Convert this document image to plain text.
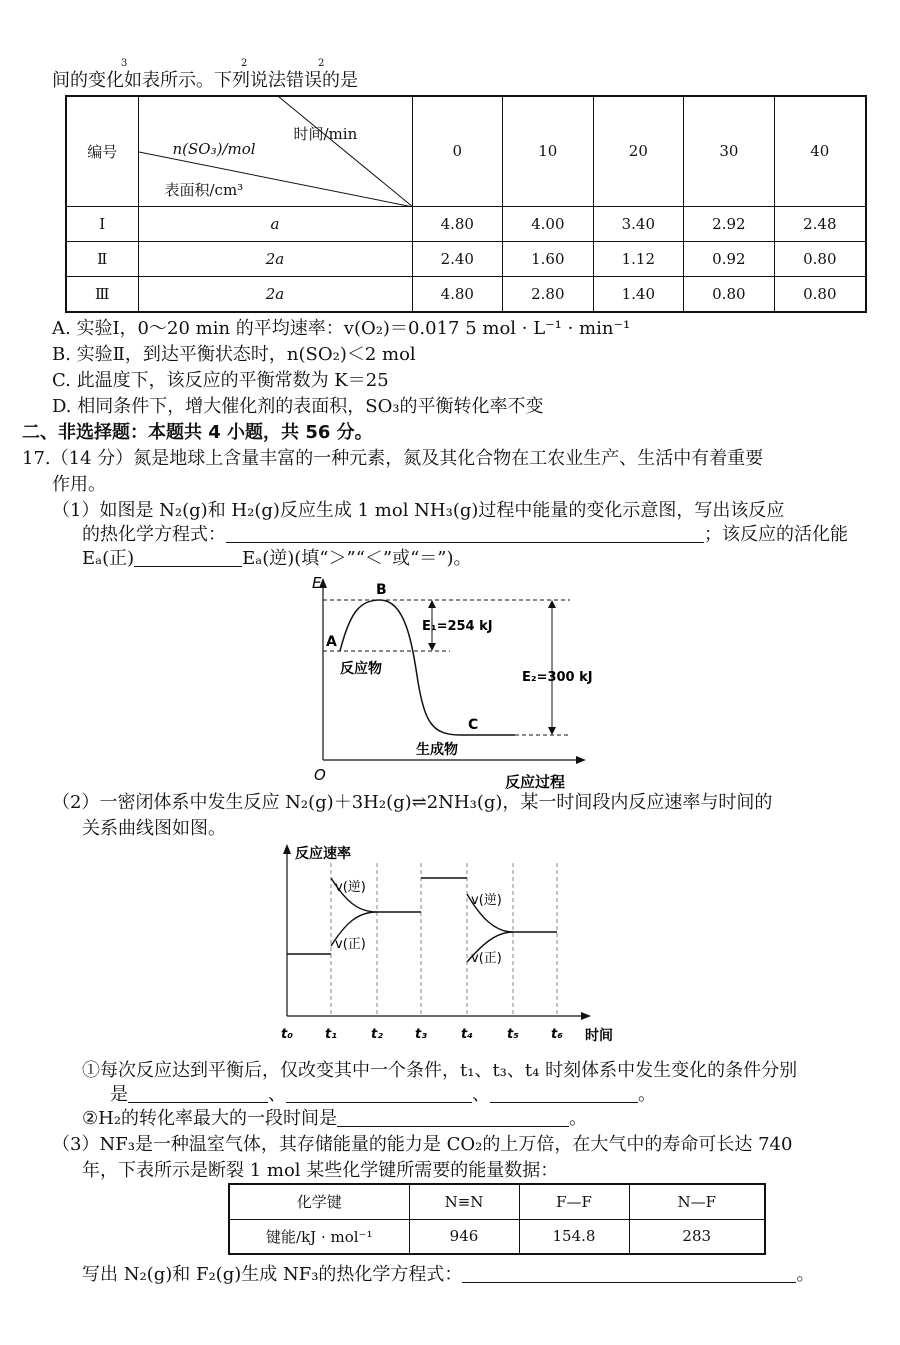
3	2	2
间的变化如表所示。下列说法错误的是
编号	时间/min
n(SO₃)/mol
表面积/cm³	0	10	20	30	40
Ⅰ	a	4.80	4.00	3.40	2.92	2.48
Ⅱ	2a	2.40	1.60	1.12	0.92	0.80
Ⅲ	2a	4.80	2.80	1.40	0.80	0.80
A. 实验Ⅰ，0～20 min 的平均速率：v(O₂)＝0.017 5 mol · L⁻¹ · min⁻¹
B. 实验Ⅱ，到达平衡状态时，n(SO₂)＜2 mol
C. 此温度下，该反应的平衡常数为 K＝25
D. 相同条件下，增大催化剂的表面积，SO₃的平衡转化率不变
二、非选择题：本题共 4 小题，共 56 分。
17.（14 分）氮是地球上含量丰富的一种元素，氮及其化合物在工农业生产、生活中有着重要
作用。
（1）如图是 N₂(g)和 H₂(g)反应生成 1 mol NH₃(g)过程中能量的变化示意图，写出该反应
的热化学方程式：	；该反应的活化能
Eₐ(正)	Eₐ(逆)(填“＞”“＜”或“＝”)。
E
O	反应过程
A
B
C
反应物
生成物
E₁=254 kJ
E₂=300 kJ
（2）一密闭体系中发生反应 N₂(g)＋3H₂(g)⇌2NH₃(g)，某一时间段内反应速率与时间的
关系曲线图如图。
反应速率
时间
v(逆)
v(正)
v(逆)
v(正)
t₀ t₁	t₂ t₃	t₄	t₅ t₆
①每次反应达到平衡后，仅改变其中一个条件，t₁、t₃、t₄ 时刻体系中发生变化的条件分别
是	、	、	。
②H₂的转化率最大的一段时间是	。
（3）NF₃是一种温室气体，其存储能量的能力是 CO₂的上万倍，在大气中的寿命可长达 740
年，下表所示是断裂 1 mol 某些化学键所需要的能量数据：
化学键	N≡N	F—F	N—F
键能/kJ · mol⁻¹	946	154.8	283
写出 N₂(g)和 F₂(g)生成 NF₃的热化学方程式：	。
